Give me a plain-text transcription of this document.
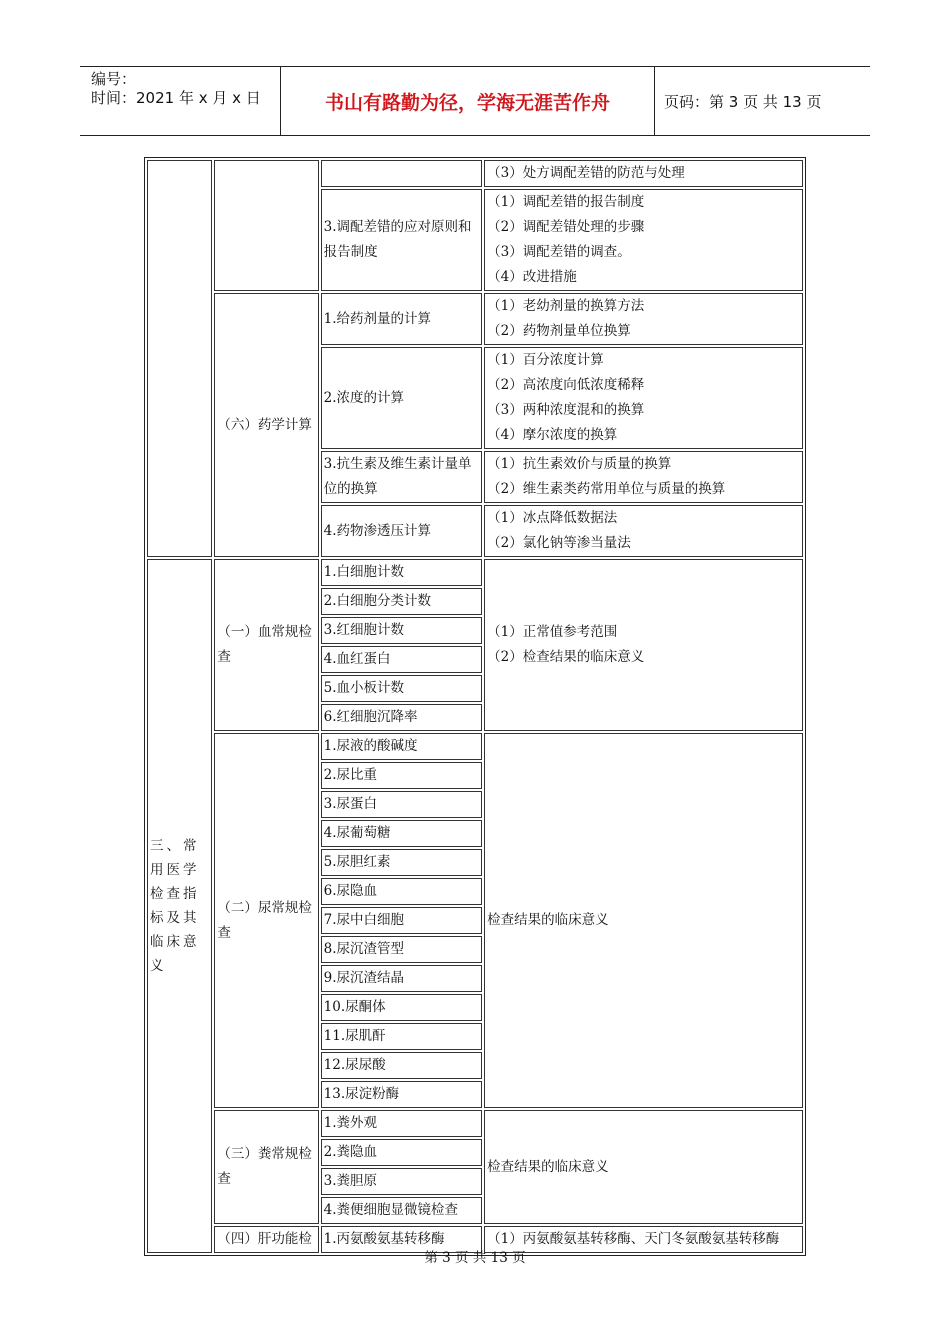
编号：
时间：2021 年 x 月 x 日	书山有路勤为径，学海无涯苦作舟	页码：第 3 页 共 13 页

			（3）处方调配差错的防范与处理

		3.调配差错的应对原则和报告制度	（1）调配差错的报告制度
（2）调配差错处理的步骤
（3）调配差错的调查。
（4）改进措施

	（六）药学计算	1.给药剂量的计算	（1）老幼剂量的换算方法
（2）药物剂量单位换算

		2.浓度的计算	（1）百分浓度计算
（2）高浓度向低浓度稀释
（3）两种浓度混和的换算
（4）摩尔浓度的换算

		3.抗生素及维生素计量单位的换算	（1）抗生素效价与质量的换算
（2）维生素类药常用单位与质量的换算

		4.药物渗透压计算	（1）冰点降低数据法
（2）氯化钠等渗当量法

三、常用医学检查指标及其临床意义	（一）血常规检查	1.白细胞计数	（1）正常值参考范围
（2）检查结果的临床意义

		2.白细胞分类计数	
		3.红细胞计数	
		4.血红蛋白	
		5.血小板计数	
		6.红细胞沉降率	
	（二）尿常规检查	1.尿液的酸碱度	检查结果的临床意义
		2.尿比重	
		3.尿蛋白	
		4.尿葡萄糖	
		5.尿胆红素	
		6.尿隐血	
		7.尿中白细胞	
		8.尿沉渣管型	
		9.尿沉渣结晶	
		10.尿酮体	
		11.尿肌酐	
		12.尿尿酸	
		13.尿淀粉酶	
	（三）粪常规检查	1.粪外观	检查结果的临床意义
		2.粪隐血	
		3.粪胆原	
		4.粪便细胞显微镜检查	
	（四）肝功能检	1.丙氨酸氨基转移酶	（1）丙氨酸氨基转移酶、天门冬氨酸氨基转移酶
第 3 页 共 13 页
